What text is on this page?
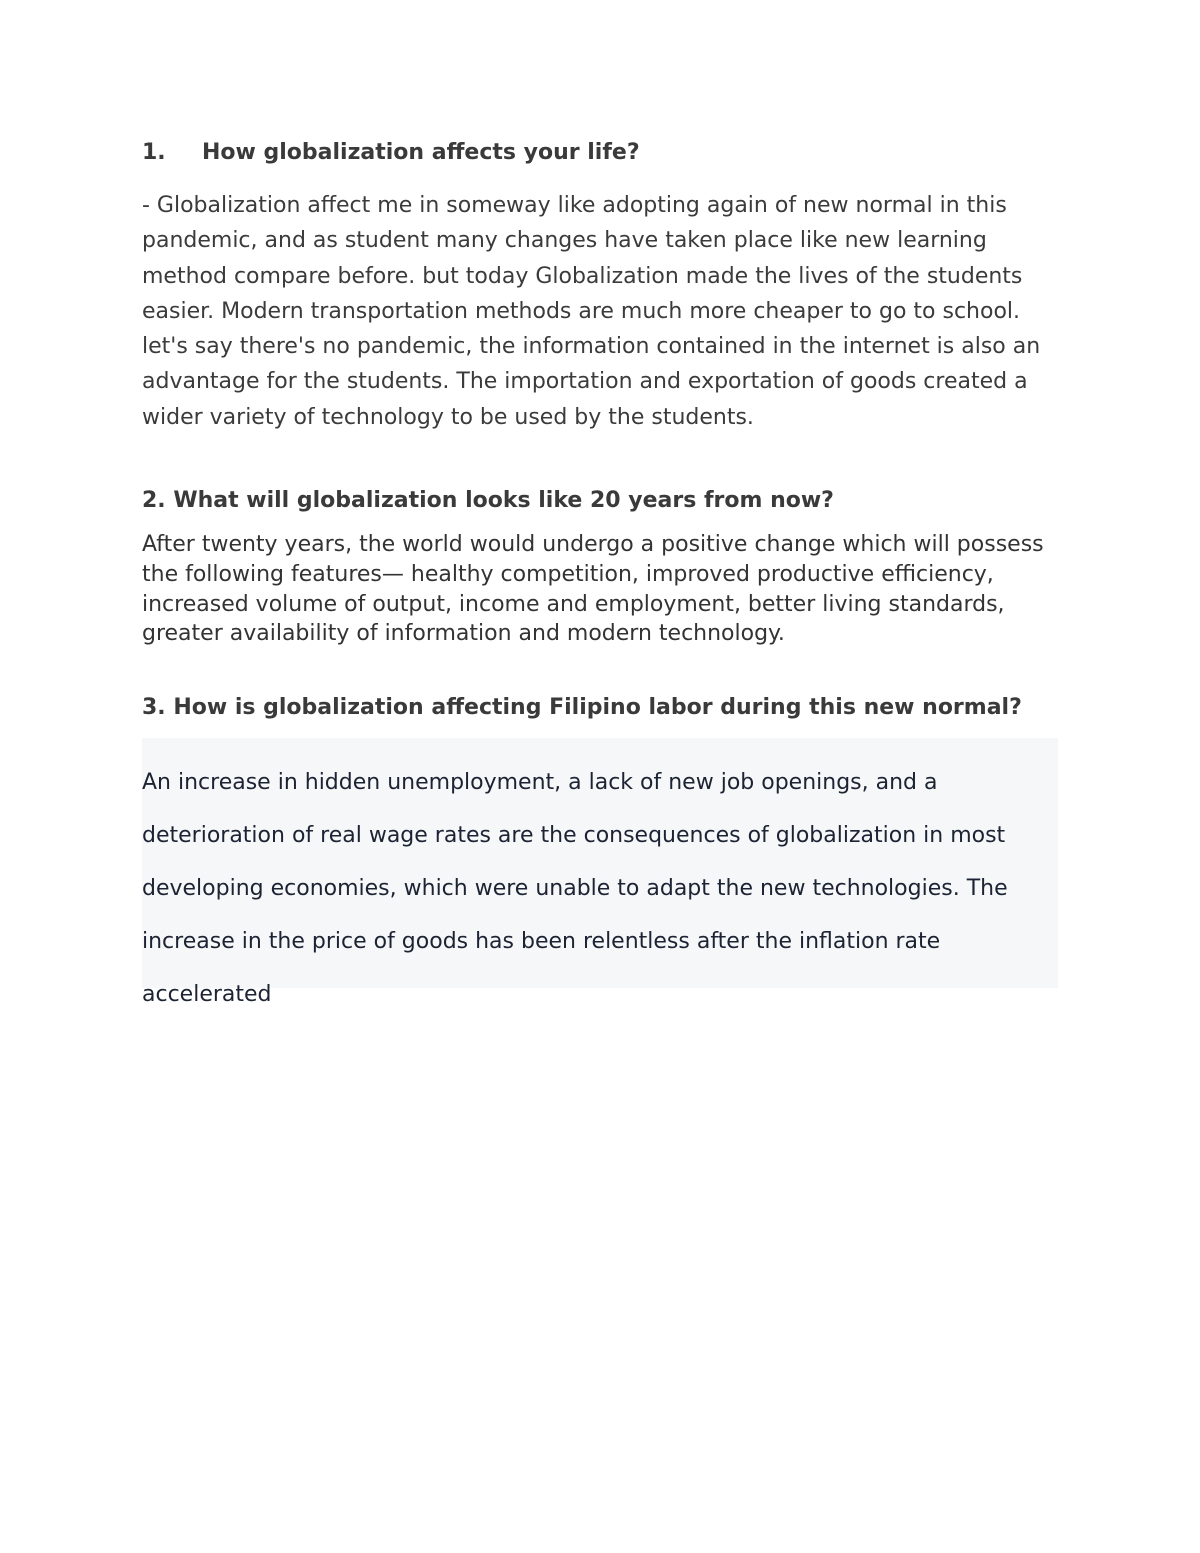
1.	How globalization affects your life?

- Globalization affect me in someway like adopting again of new normal in this pandemic, and as student many changes have taken place like new learning method compare before. but today Globalization made the lives of the students easier. Modern transportation methods are much more cheaper to go to school. let's say there's no pandemic, the information contained in the internet is also an advantage for the students. The importation and exportation of goods created a wider variety of technology to be used by the students.

2. What will globalization looks like 20 years from now?

After twenty years, the world would undergo a positive change which will possess the following features— healthy competition, improved productive efficiency, increased volume of output, income and employment, better living standards, greater availability of information and modern technology.

3. How is globalization affecting Filipino labor during this new normal?

An increase in hidden unemployment, a lack of new job openings, and a deterioration of real wage rates are the consequences of globalization in most developing economies, which were unable to adapt the new technologies. The increase in the price of goods has been relentless after the inflation rate accelerated
